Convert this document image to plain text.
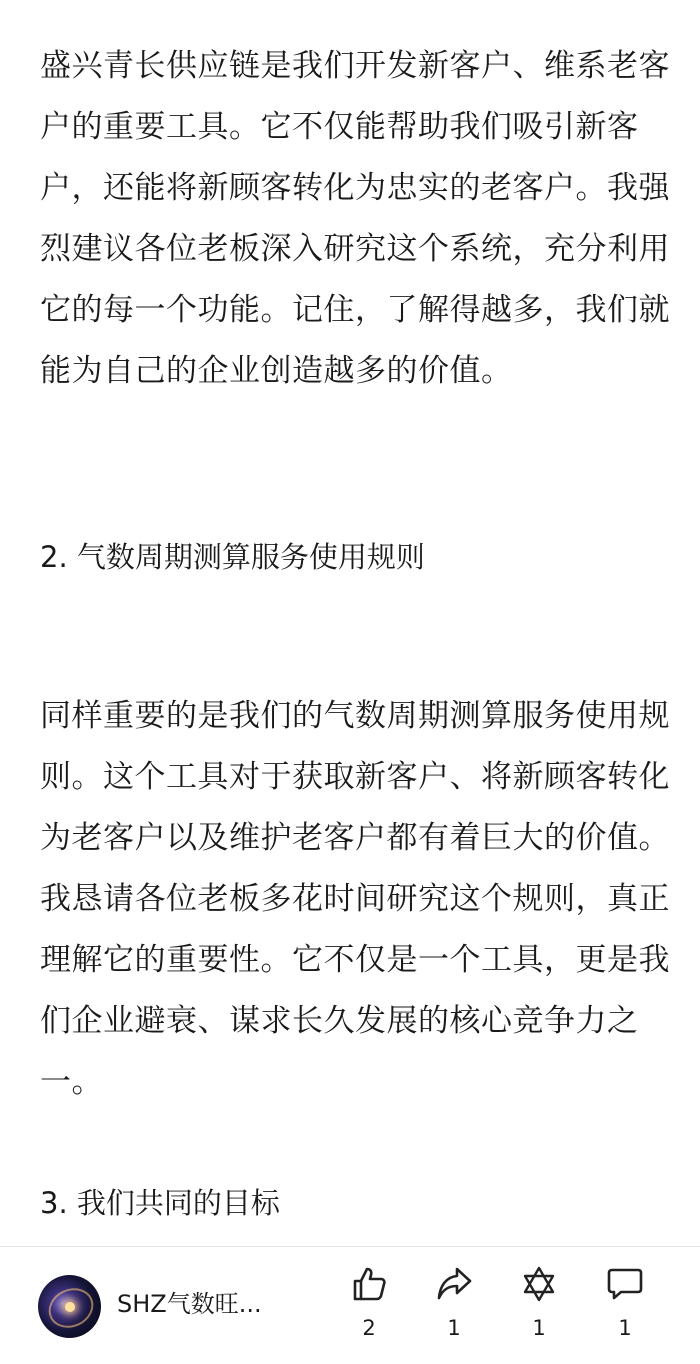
盛兴青长供应链是我们开发新客户、维系老客户的重要工具。它不仅能帮助我们吸引新客户，还能将新顾客转化为忠实的老客户。我强烈建议各位老板深入研究这个系统，充分利用它的每一个功能。记住，了解得越多，我们就能为自己的企业创造越多的价值。

2. 气数周期测算服务使用规则

同样重要的是我们的气数周期测算服务使用规则。这个工具对于获取新客户、将新顾客转化为老客户以及维护老客户都有着巨大的价值。我恳请各位老板多花时间研究这个规则，真正理解它的重要性。它不仅是一个工具，更是我们企业避衰、谋求长久发展的核心竞争力之一。

3. 我们共同的目标

SHZ气数旺...
2	1	1	1
